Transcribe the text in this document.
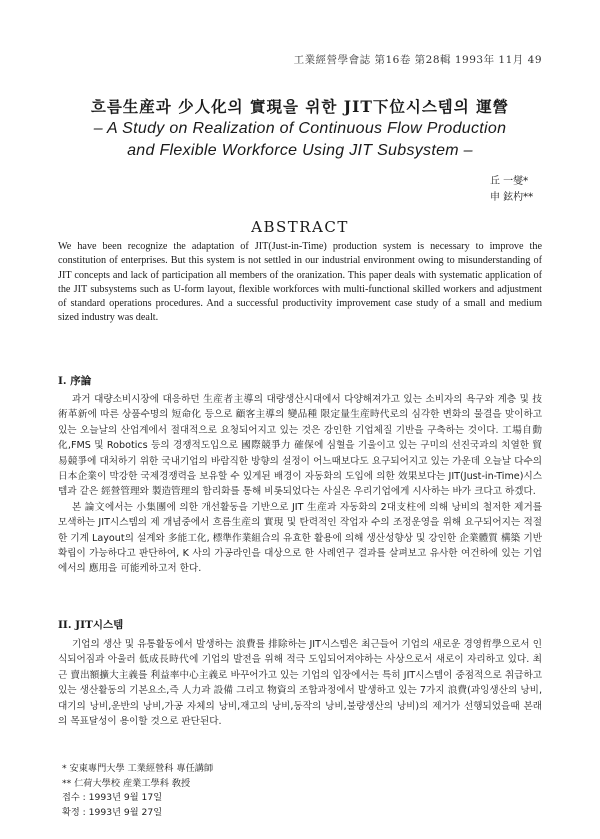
工業經營學會誌 第16卷 第28輯 1993年 11月 49
흐름生産과 少人化의 實現을 위한 JIT下位시스템의 運營
– A Study on Realization of Continuous Flow Production
and Flexible Workforce Using JIT Subsystem –
丘 一燮*
申 鉉杓**
ABSTRACT
We have been recognize the adaptation of JIT(Just-in-Time) production system is necessary to improve the constitution of enterprises. But this system is not settled in our industrial environment owing to misunderstanding of JIT concepts and lack of participation all members of the oranization. This paper deals with systematic application of the JIT subsystems such as U-form layout, flexible workforces with multi-functional skilled workers and adjustment of standard operations procedures. And a successful productivity improvement case study of a small and medium sized industry was dealt.
I. 序論

과거 대량소비시장에 대응하던 生産者主導의 대량생산시대에서 다양해져가고 있는 소비자의 욕구와 계층 및 技術革新에 따른 상품수명의 短命化 등으로 顧客主導의 變品種 限定量生産時代로의 심각한 변화의 물결을 맞이하고 있는 오늘날의 산업계에서 절대적으로 요청되어지고 있는 것은 강인한 기업체질 기반을 구축하는 것이다. 工場自動化,FMS 및 Robotics 등의 경쟁적도입으로 國際競爭力 確保에 심혈을 기울이고 있는 구미의 선진국과의 치열한 貿易競爭에 대처하기 위한 국내기업의 바람직한 방향의 설정이 어느때보다도 요구되어지고 있는 가운데 오늘날 다수의 日本企業이 막강한 국제경쟁력을 보유할 수 있게된 배경이 자동화의 도입에 의한 效果보다는 JIT(Just-in-Time)시스템과 같은 經營管理와 製造管理의 합리화를 통해 비롯되었다는 사실은 우리기업에게 시사하는 바가 크다고 하겠다.

본 論文에서는 小集團에 의한 개선활동을 기반으로 JIT 生産과 자동화의 2대支柱에 의해 낭비의 철저한 제거를 모색하는 JIT시스템의 제 개념중에서 흐름生産의 實現 및 탄력적인 작업자 수의 조정운영을 위해 요구되어지는 적절한 기계 Layout의 설계와 多能工化, 標準作業組合의 유효한 활용에 의해 생산성향상 및 강인한 企業體質 構築 기반확립이 가능하다고 판단하여, K 사의 가공라인을 대상으로 한 사례연구 결과를 살펴보고 유사한 여건하에 있는 기업에서의 應用을 可能케하고저 한다.

II. JIT시스템

기업의 생산 및 유통활동에서 발생하는 浪費를 排除하는 JIT시스템은 최근들어 기업의 새로운 경영哲學으로서 인식되어짐과 아울러 低成長時代에 기업의 발전을 위해 적극 도입되어져야하는 사상으로서 새로이 자리하고 있다. 최근 賣出額擴大主義를 利益率中心主義로 바꾸어가고 있는 기업의 입장에서는 특히 JIT시스템이 중점적으로 취급하고 있는 생산활동의 기본요소,즉 人力과 設備 그리고 物資의 조합과정에서 발생하고 있는 7가지 浪費(과잉생산의 낭비,대기의 낭비,운반의 낭비,가공 자체의 낭비,재고의 낭비,동작의 낭비,불량생산의 낭비)의 제거가 선행되었을때 본래의 목표달성이 용이할 것으로 판단된다.

* 安東專門大學 工業經營科 專任講師
** 仁荷大學校 産業工學科 敎授
접수 : 1993년 9월 17일
확정 : 1993년 9월 27일
